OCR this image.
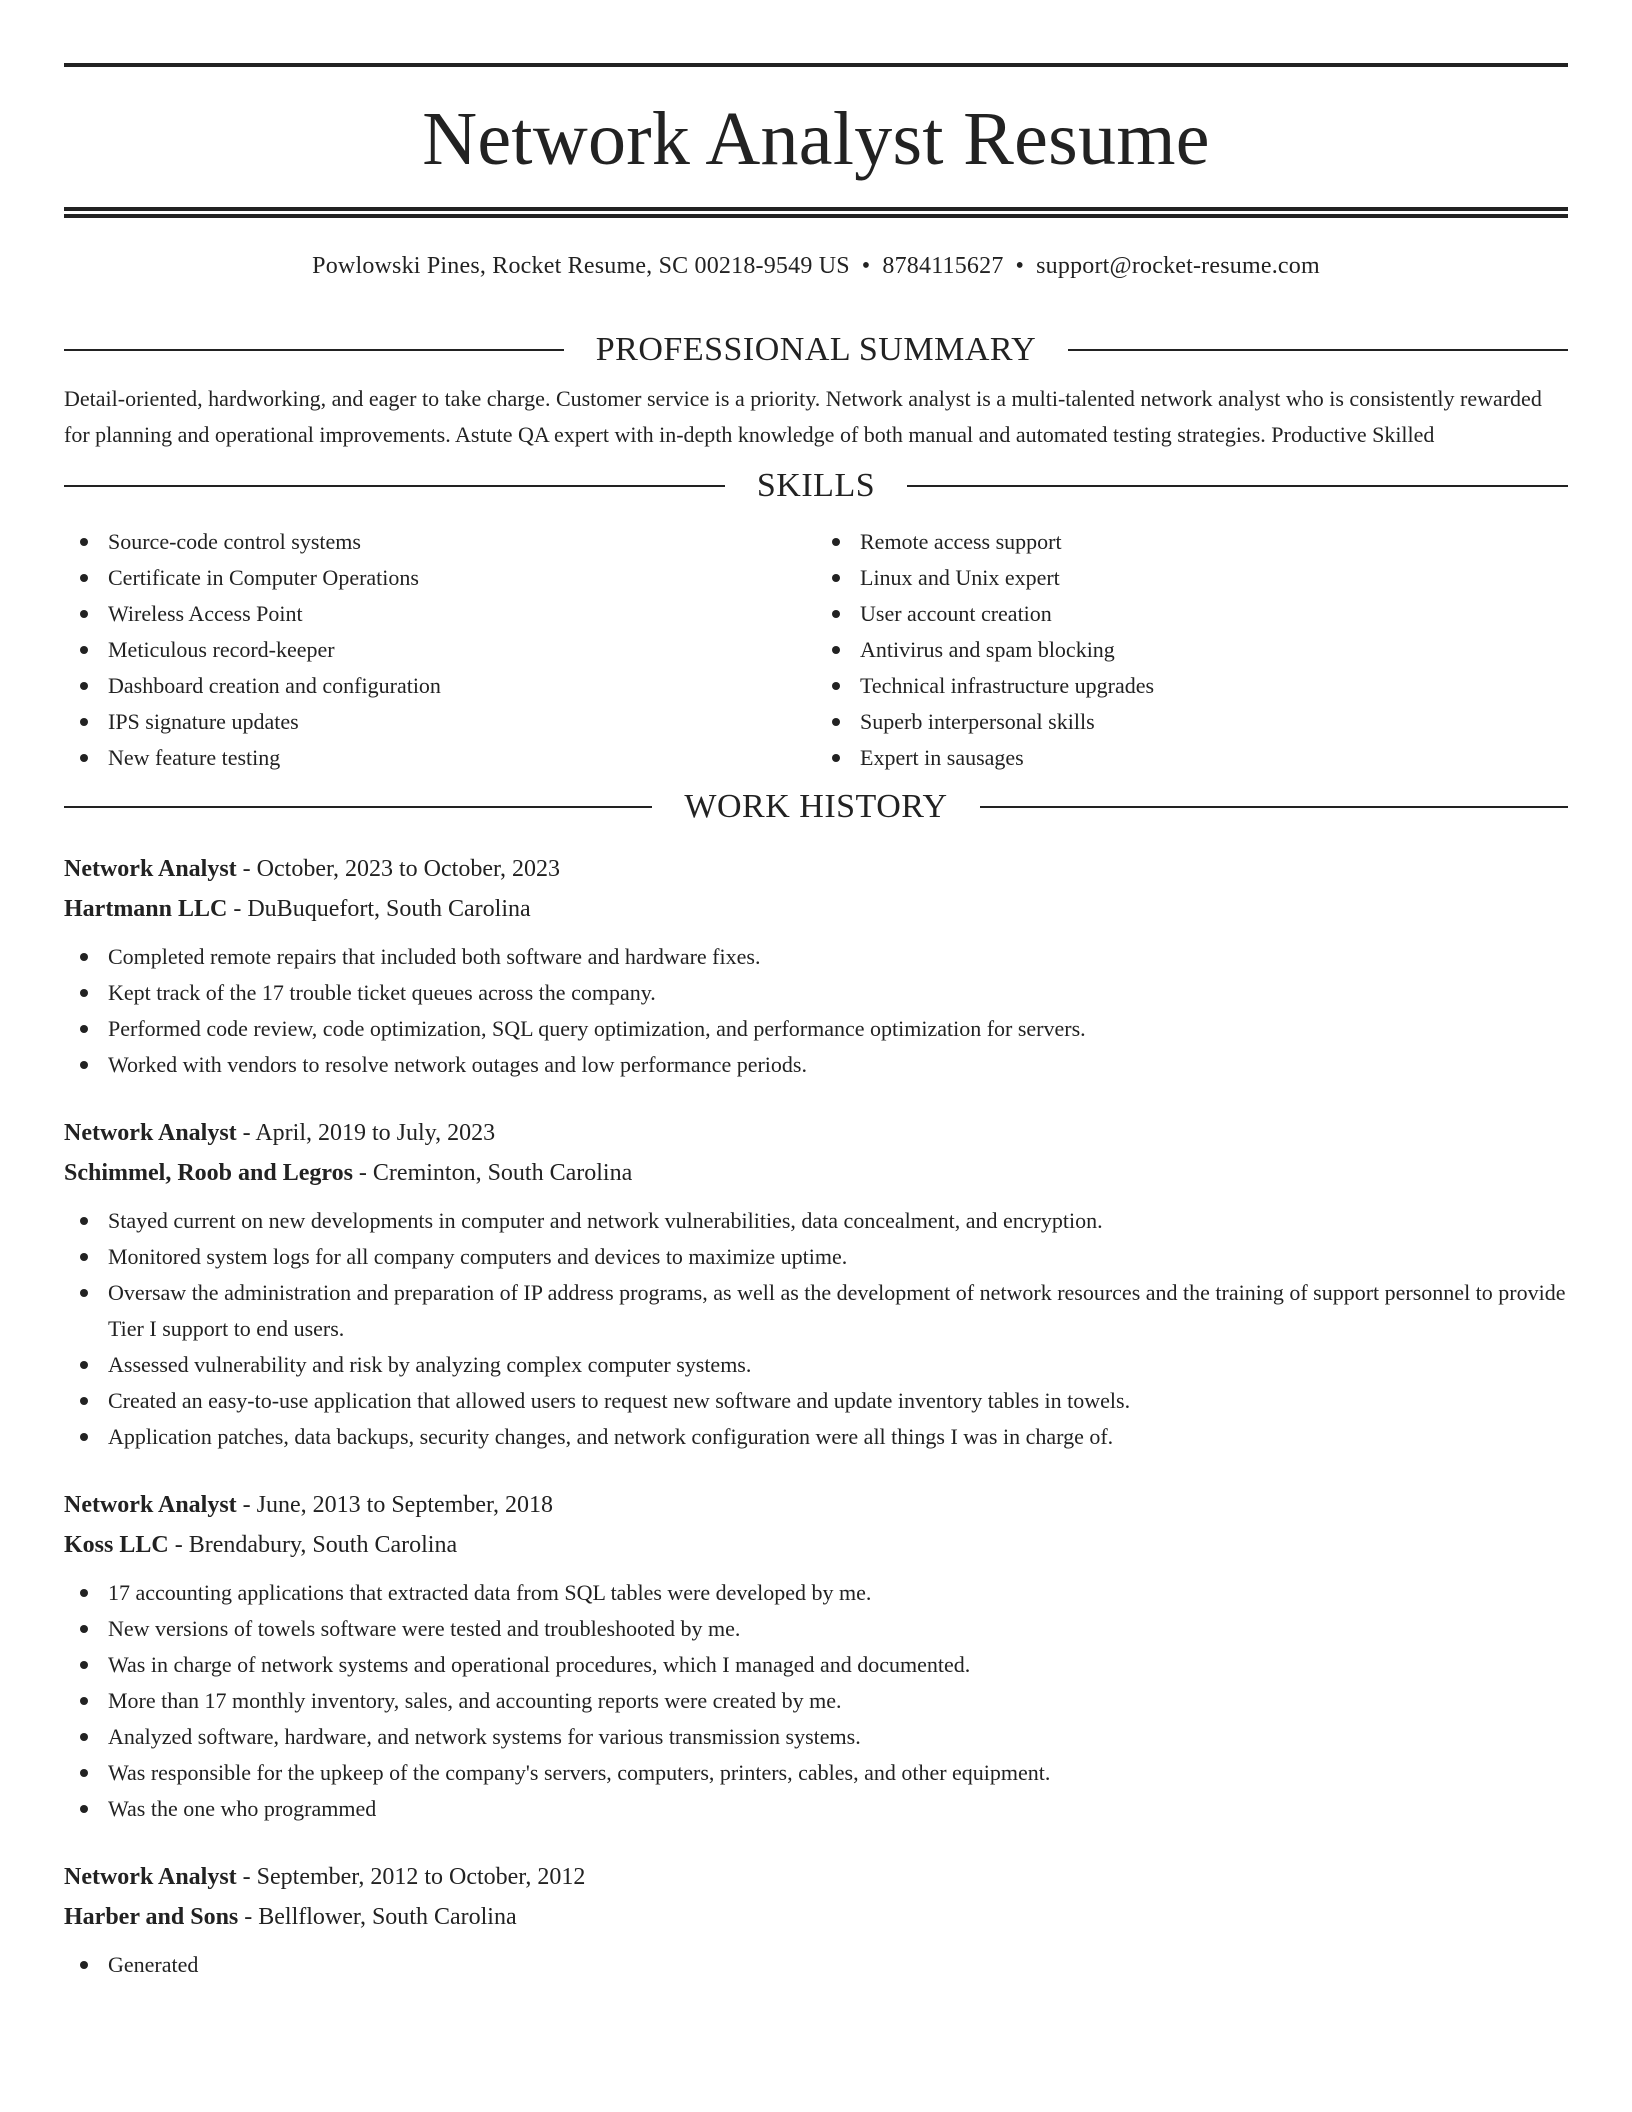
Network Analyst Resume
Powlowski Pines, Rocket Resume, SC 00218-9549 US • 8784115627 • support@rocket-resume.com
PROFESSIONAL SUMMARY

Detail-oriented, hardworking, and eager to take charge. Customer service is a priority. Network analyst is a multi-talented network analyst who is consistently rewarded for planning and operational improvements. Astute QA expert with in-depth knowledge of both manual and automated testing strategies. Productive Skilled

SKILLS
Source-code control systems
Certificate in Computer Operations
Wireless Access Point
Meticulous record-keeper
Dashboard creation and configuration
IPS signature updates
New feature testing
Remote access support
Linux and Unix expert
User account creation
Antivirus and spam blocking
Technical infrastructure upgrades
Superb interpersonal skills
Expert in sausages
WORK HISTORY
Network Analyst - October, 2023 to October, 2023
Hartmann LLC - DuBuquefort, South Carolina
Completed remote repairs that included both software and hardware fixes.
Kept track of the 17 trouble ticket queues across the company.
Performed code review, code optimization, SQL query optimization, and performance optimization for servers.
Worked with vendors to resolve network outages and low performance periods.
Network Analyst - April, 2019 to July, 2023
Schimmel, Roob and Legros - Creminton, South Carolina
Stayed current on new developments in computer and network vulnerabilities, data concealment, and encryption.
Monitored system logs for all company computers and devices to maximize uptime.
Oversaw the administration and preparation of IP address programs, as well as the development of network resources and the training of support personnel to provide Tier I support to end users.
Assessed vulnerability and risk by analyzing complex computer systems.
Created an easy-to-use application that allowed users to request new software and update inventory tables in towels.
Application patches, data backups, security changes, and network configuration were all things I was in charge of.
Network Analyst - June, 2013 to September, 2018
Koss LLC - Brendabury, South Carolina
17 accounting applications that extracted data from SQL tables were developed by me.
New versions of towels software were tested and troubleshooted by me.
Was in charge of network systems and operational procedures, which I managed and documented.
More than 17 monthly inventory, sales, and accounting reports were created by me.
Analyzed software, hardware, and network systems for various transmission systems.
Was responsible for the upkeep of the company's servers, computers, printers, cables, and other equipment.
Was the one who programmed
Network Analyst - September, 2012 to October, 2012
Harber and Sons - Bellflower, South Carolina
Generated
